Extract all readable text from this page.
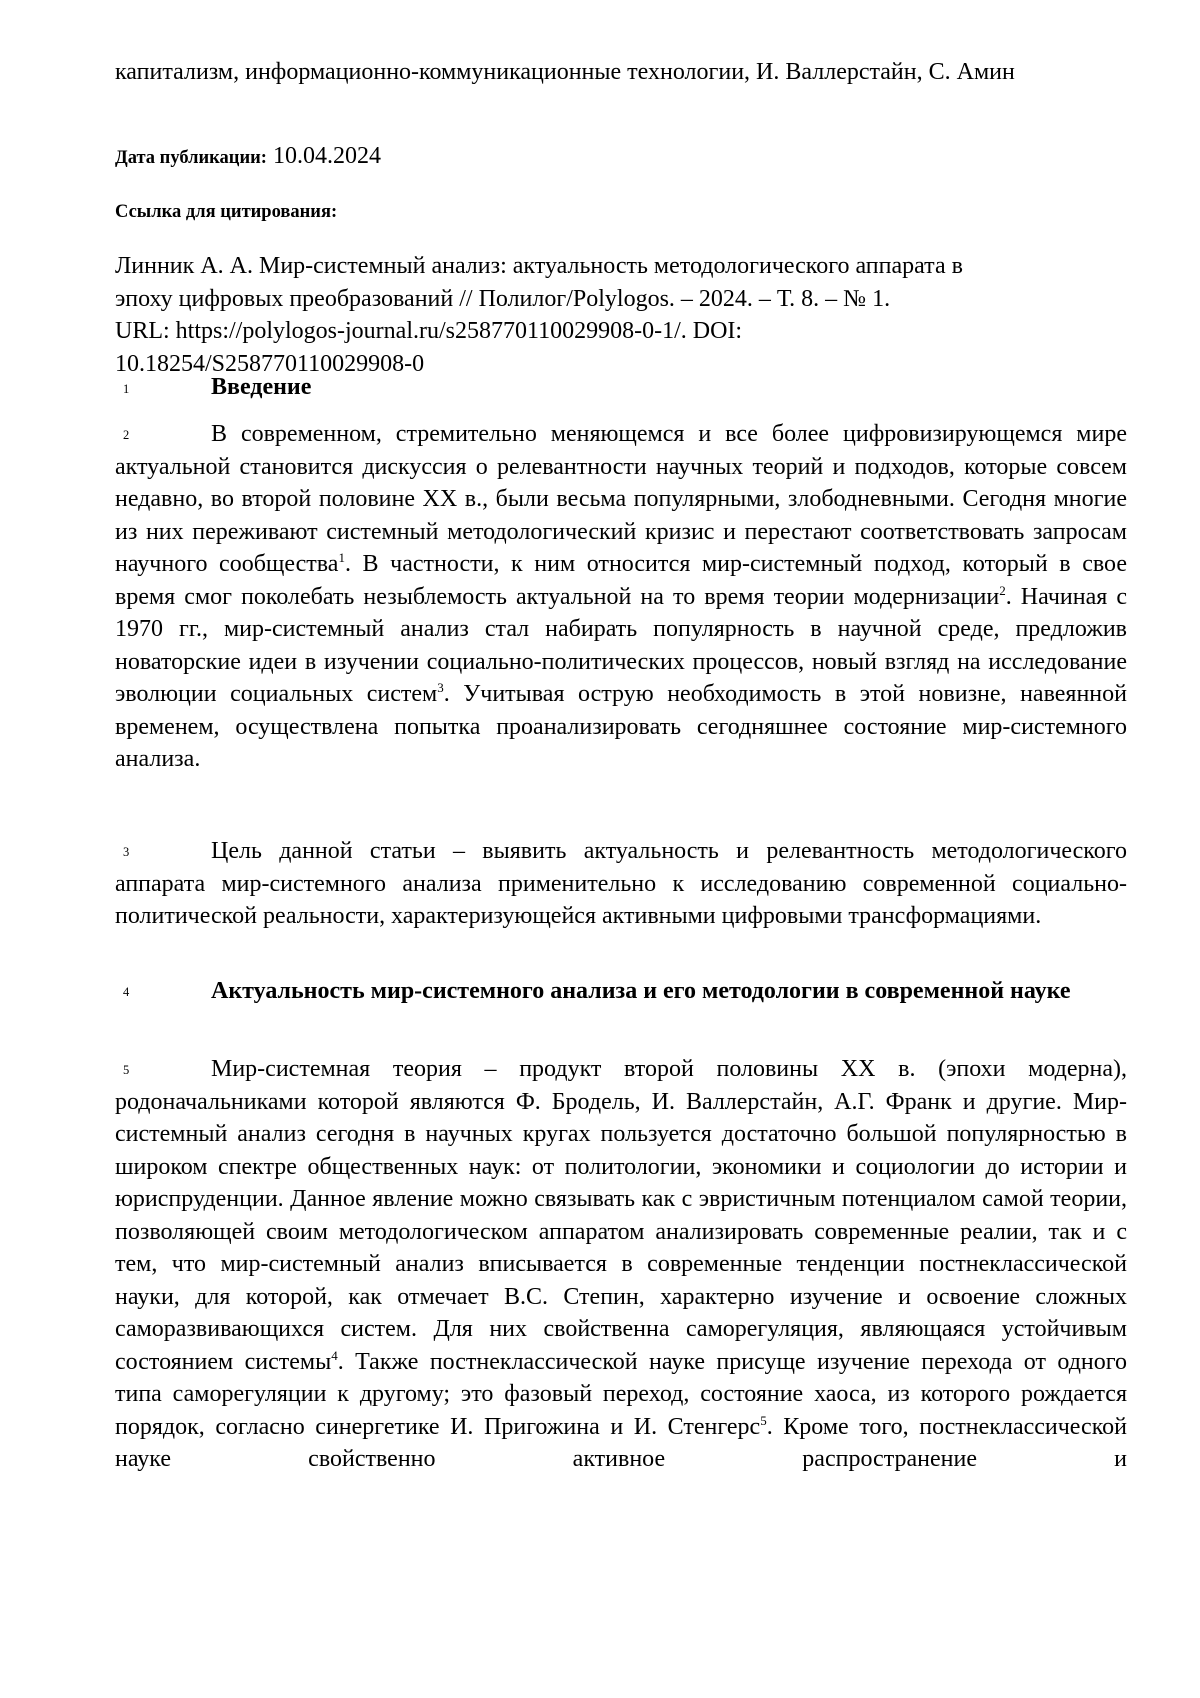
капитализм, информационно-коммуникационные технологии, И. Валлерстайн, С. Амин

Дата публикации: 10.04.2024

Ссылка для цитирования:

Линник А. А. Мир-системный анализ: актуальность методологического аппарата в
эпоху цифровых преобразований // Полилог/Polylogos. – 2024. – Т. 8. – № 1.
URL: https://polylogos-journal.ru/s258770110029908-0-1/. DOI:
10.18254/S258770110029908-0
1
2
3
4
5

Введение

В современном, стремительно меняющемся и все более цифровизирующемся мире актуальной становится дискуссия о релевантности научных теорий и подходов, которые совсем недавно, во второй половине XX в., были весьма популярными, злободневными. Сегодня многие из них переживают системный методологический кризис и перестают соответствовать запросам научного сообщества1. В частности, к ним относится мир-системный подход, который в свое время смог поколебать незыблемость актуальной на то время теории модернизации2. Начиная с 1970 гг., мир-системный анализ стал набирать популярность в научной среде, предложив новаторские идеи в изучении социально-политических процессов, новый взгляд на исследование эволюции социальных систем3. Учитывая острую необходимость в этой новизне, навеянной временем, осуществлена попытка проанализировать сегодняшнее состояние мир-системного анализа.

Цель данной статьи – выявить актуальность и релевантность методологического аппарата мир-системного анализа применительно к исследованию современной социально-политической реальности, характеризующейся активными цифровыми трансформациями.

Актуальность мир-системного анализа и его методологии в современной науке

Мир-системная теория – продукт второй половины XX в. (эпохи модерна), родоначальниками которой являются Ф. Бродель, И. Валлерстайн, А.Г. Франк и другие. Мир-системный анализ сегодня в научных кругах пользуется достаточно большой популярностью в широком спектре общественных наук: от политологии, экономики и социологии до истории и юриспруденции. Данное явление можно связывать как с эвристичным потенциалом самой теории, позволяющей своим методологическом аппаратом анализировать современные реалии, так и с тем, что мир-системный анализ вписывается в современные тенденции постнеклассической науки, для которой, как отмечает В.С. Степин, характерно изучение и освоение сложных саморазвивающихся систем. Для них свойственна саморегуляция, являющаяся устойчивым состоянием системы4. Также постнеклассической науке присуще изучение перехода от одного типа саморегуляции к другому; это фазовый переход, состояние хаоса, из которого рождается порядок, согласно синергетике И. Пригожина и И. Стенгерс5. Кроме того, постнеклассической науке свойственно активное распространение и
